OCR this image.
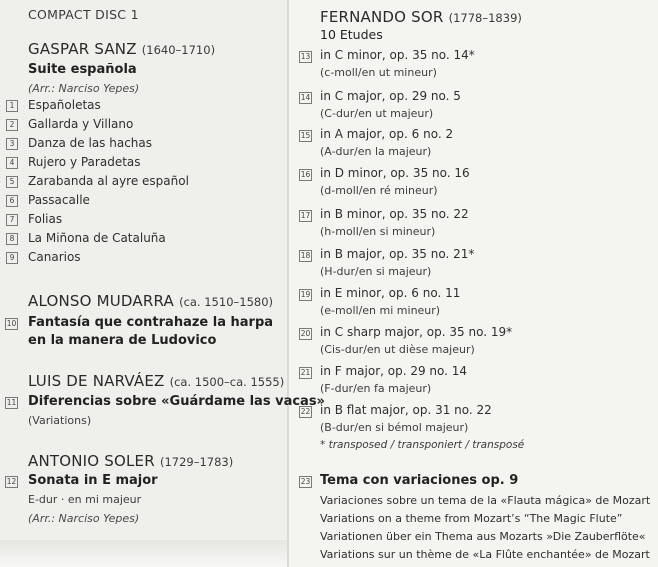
COMPACT DISC 1
GASPAR SANZ (1640–1710)
Suite española
(Arr.: Narciso Yepes)
1	Españoletas
2	Gallarda y Villano
3	Danza de las hachas
4	Rujero y Paradetas
5	Zarabanda al ayre español
6	Passacalle
7	Folias
8	La Miñona de Cataluña
9	Canarios
ALONSO MUDARRA (ca. 1510–1580)
10 Fantasía que contrahaze la harpa
en la manera de Ludovico
LUIS DE NARVÁEZ (ca. 1500–ca. 1555)
11 Diferencias sobre «Guárdame las vacas»
(Variations)
ANTONIO SOLER (1729–1783)
12 Sonata in E major
E-dur · en mi majeur
(Arr.: Narciso Yepes)
FERNANDO SOR (1778–1839)
10 Etudes
13 in C minor, op. 35 no. 14*
(c-moll/en ut mineur)
14 in C major, op. 29 no. 5
(C-dur/en ut majeur)
15 in A major, op. 6 no. 2
(A-dur/en la majeur)
16 in D minor, op. 35 no. 16
(d-moll/en ré mineur)
17 in B minor, op. 35 no. 22
(h-moll/en si mineur)
18 in B major, op. 35 no. 21*
(H-dur/en si majeur)
19 in E minor, op. 6 no. 11
(e-moll/en mi mineur)
20 in C sharp major, op. 35 no. 19*
(Cis-dur/en ut dièse majeur)
21 in F major, op. 29 no. 14
(F-dur/en fa majeur)
22 in B flat major, op. 31 no. 22
(B-dur/en si bémol majeur)
* transposed / transponiert / transposé
23 Tema con variaciones op. 9
Variaciones sobre un tema de la «Flauta mágica» de Mozart
Variations on a theme from Mozart’s “The Magic Flute”
Variationen über ein Thema aus Mozarts »Die Zauberflöte«
Variations sur un thème de «La Flûte enchantée» de Mozart
